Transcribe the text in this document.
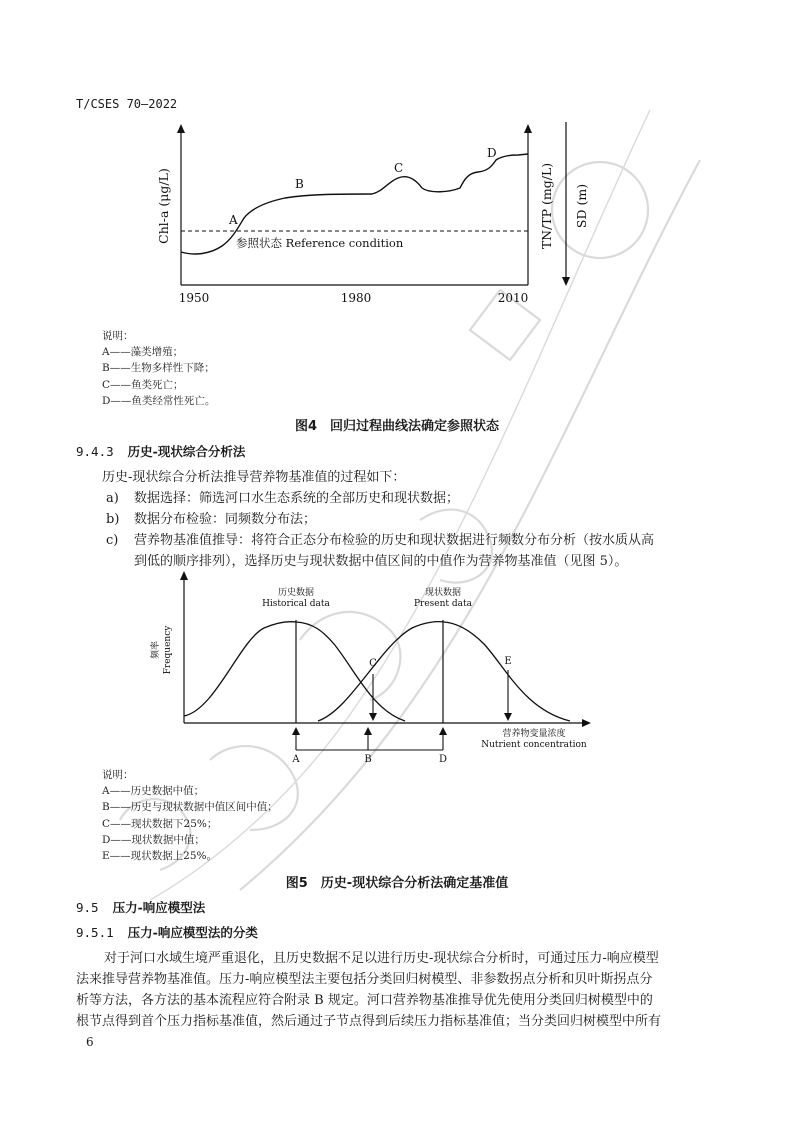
T/CSES 70—2022
A
B
C
D
参照状态 Reference condition
Chl-a (μg/L)	TN/TP (mg/L) SD (m)
1950	1980	2010
说明：
A——藻类增殖；
B——生物多样性下降；
C——鱼类死亡；
D——鱼类经常性死亡。
图4　回归过程曲线法确定参照状态
9.4.3 历史-现状综合分析法
历史-现状综合分析法推导营养物基准值的过程如下：
a) 数据选择：筛选河口水生态系统的全部历史和现状数据；
b) 数据分布检验：同频数分布法；
c) 营养物基准值推导：将符合正态分布检验的历史和现状数据进行频数分布分析（按水质从高
到低的顺序排列），选择历史与现状数据中值区间的中值作为营养物基准值（见图 5）。
历史数据
Historical data
现状数据
Present data
C	E
A	B	D
营养物变量浓度
Nutrient concentration
频率 Frequency
说明：
A——历史数据中值；
B——历史与现状数据中值区间中值；
C——现状数据下25%；
D——现状数据中值；
E——现状数据上25%。
图5　历史-现状综合分析法确定基准值
9.5 压力-响应模型法
9.5.1 压力-响应模型法的分类
对于河口水域生境严重退化，且历史数据不足以进行历史-现状综合分析时，可通过压力-响应模型
法来推导营养物基准值。压力-响应模型法主要包括分类回归树模型、非参数拐点分析和贝叶斯拐点分
析等方法，各方法的基本流程应符合附录 B 规定。河口营养物基准推导优先使用分类回归树模型中的
根节点得到首个压力指标基准值，然后通过子节点得到后续压力指标基准值；当分类回归树模型中所有
6
